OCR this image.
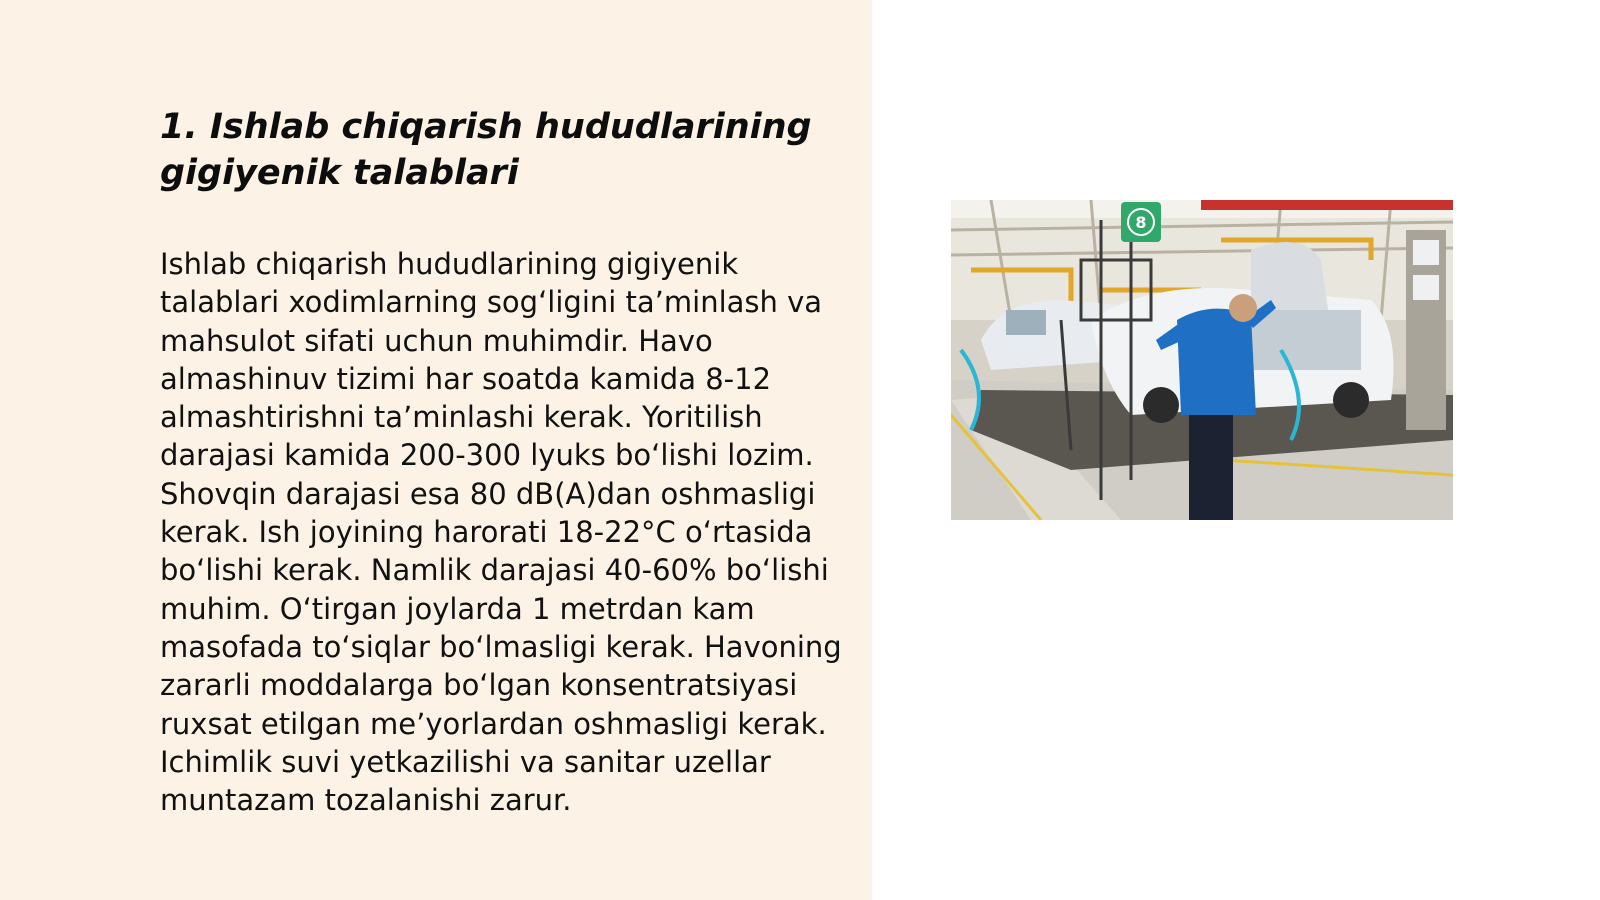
1. Ishlab chiqarish hududlarining gigiyenik talablari

Ishlab chiqarish hududlarining gigiyenik talablari xodimlarning sog‘ligini ta’minlash va mahsulot sifati uchun muhimdir. Havo almashinuv tizimi har soatda kamida 8-12 almashtirishni ta’minlashi kerak. Yoritilish darajasi kamida 200-300 lyuks bo‘lishi lozim. Shovqin darajasi esa 80 dB(A)dan oshmasligi kerak. Ish joyining harorati 18-22°C o‘rtasida bo‘lishi kerak. Namlik darajasi 40-60% bo‘lishi muhim. O‘tirgan joylarda 1 metrdan kam masofada to‘siqlar bo‘lmasligi kerak. Havoning zararli moddalarga bo‘lgan konsentratsiyasi ruxsat etilgan me’yorlardan oshmasligi kerak. Ichimlik suvi yetkazilishi va sanitar uzellar muntazam tozalanishi zarur.

8
